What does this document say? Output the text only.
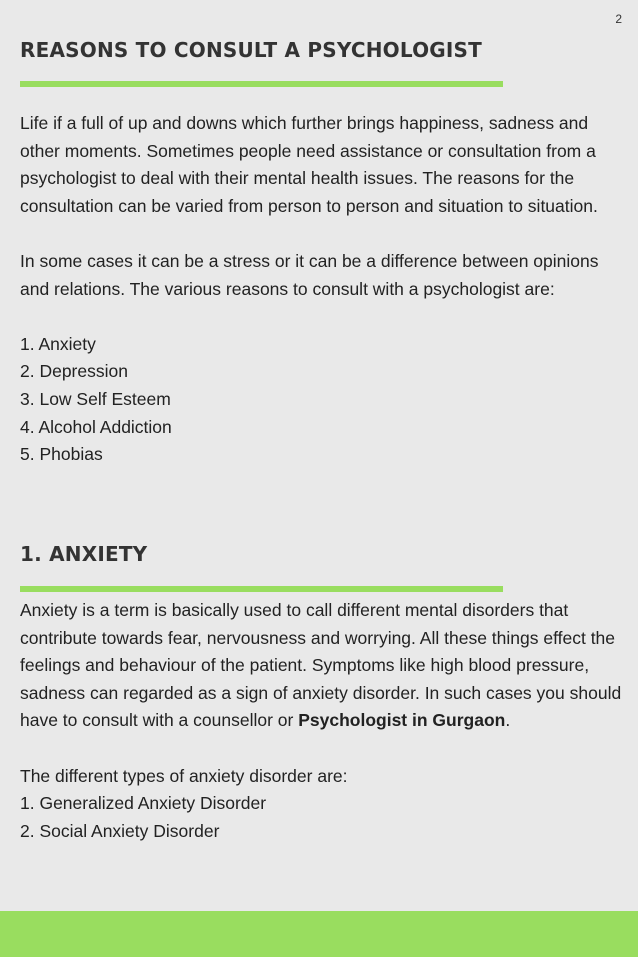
2
REASONS TO CONSULT A PSYCHOLOGIST

Life if a full of up and downs which further brings happiness, sadness and other moments. Sometimes people need assistance or consultation from a psychologist to deal with their mental health issues. The reasons for the consultation can be varied from person to person and situation to situation.

In some cases it can be a stress or it can be a difference between opinions and relations. The various reasons to consult with a psychologist are:

1. Anxiety
2. Depression
3. Low Self Esteem
4. Alcohol Addiction
5. Phobias
1. ANXIETY

Anxiety is a term is basically used to call different mental disorders that contribute towards fear, nervousness and worrying. All these things effect the feelings and behaviour of the patient. Symptoms like high blood pressure, sadness can regarded as a sign of anxiety disorder. In such cases you should have to consult with a counsellor or Psychologist in Gurgaon.

The different types of anxiety disorder are:

1. Generalized Anxiety Disorder
2. Social Anxiety Disorder
